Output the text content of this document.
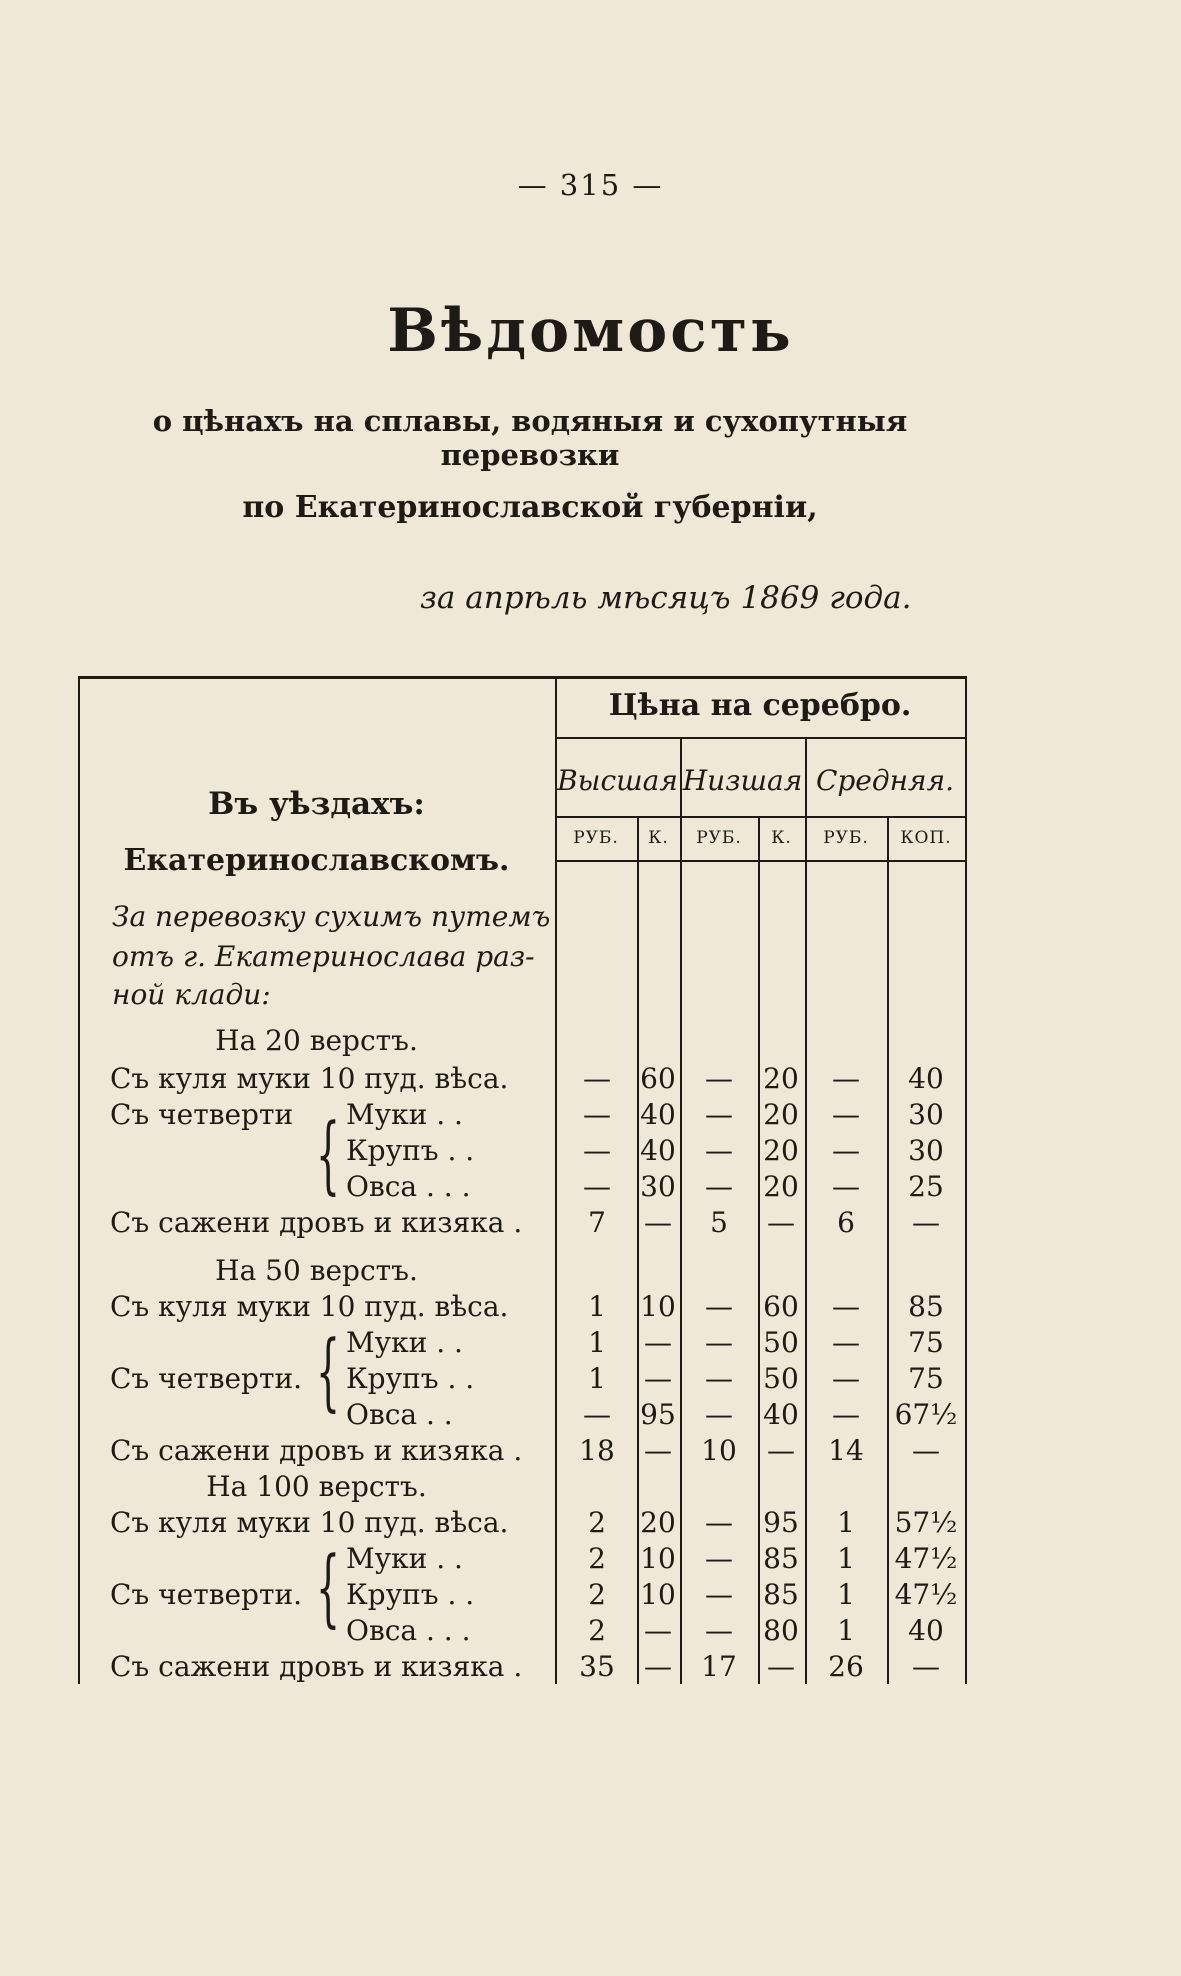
— 315 —
Вѣдомость
о цѣнахъ на сплавы, водяныя и сухопутныя перевозки
по Екатеринославской губерніи,
за апрѣль мѣсяцъ 1869 года.
Цѣна на серебро.
Высшая Низшая Средняя.
РУБ.	К.	РУБ.	К.	РУБ.	КОП.
Въ уѣздахъ:
Екатеринославскомъ.
За перевозку сухимъ путемъ
отъ г. Екатеринослава раз-
ной клади:
На 20 верстъ.
На 50 верстъ.
На 100 верстъ.
{
{
{
Съ куля муки 10 пуд. вѣса.	—	60	—	20	—	40
Съ четверти Муки . .	—	40	—	20	—	30
Крупъ . .	—	40	—	20	—	30
Овса . . .	—	30	—	20	—	25
Съ сажени дровъ и кизяка .	7	—	5	—	6	—
Съ куля муки 10 пуд. вѣса.	1	10	—	60	—	85
Муки . .	1	—	—	50	—	75
Съ четверти. Крупъ . .	1	—	—	50	—	75
Овса . .	—	95	—	40	—	67½
Съ сажени дровъ и кизяка .	18	—	10	—	14	—
Съ куля муки 10 пуд. вѣса.	2	20	—	95	1	57½
Муки . .	2	10	—	85	1	47½
Съ четверти. Крупъ . .	2	10	—	85	1	47½
Овса . . .	2	—	—	80	1	40
Съ сажени дровъ и кизяка .	35	—	17	—	26	—
